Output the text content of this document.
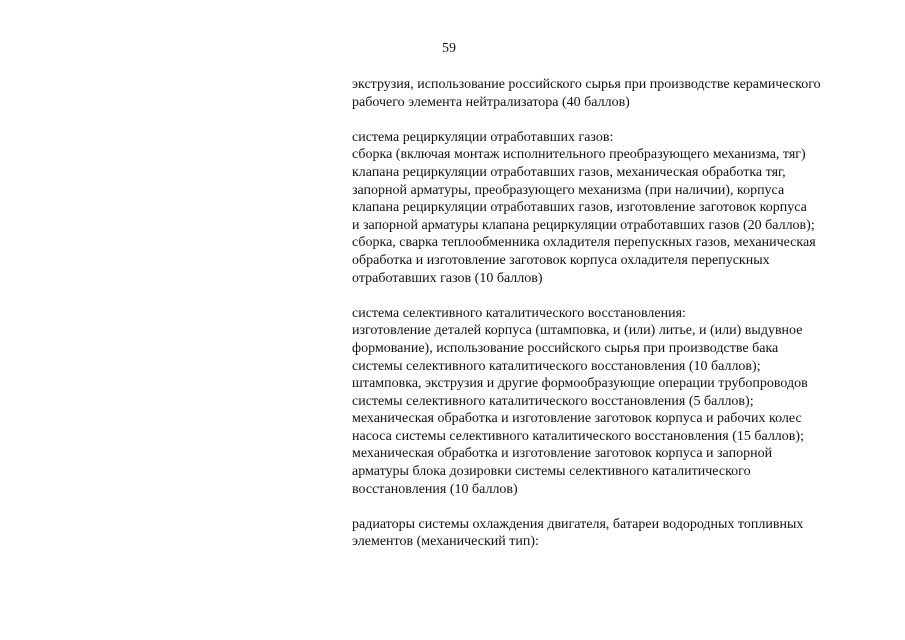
59
экструзия, использование российского сырья при производстве керамического
рабочего элемента нейтрализатора (40 баллов)
система рециркуляции отработавших газов:
сборка (включая монтаж исполнительного преобразующего механизма, тяг)
клапана рециркуляции отработавших газов, механическая обработка тяг,
запорной арматуры, преобразующего механизма (при наличии), корпуса
клапана рециркуляции отработавших газов, изготовление заготовок корпуса
и запорной арматуры клапана рециркуляции отработавших газов (20 баллов);
сборка, сварка теплообменника охладителя перепускных газов, механическая
обработка и изготовление заготовок корпуса охладителя перепускных
отработавших газов (10 баллов)
система селективного каталитического восстановления:
изготовление деталей корпуса (штамповка, и (или) литье, и (или) выдувное
формование), использование российского сырья при производстве бака
системы селективного каталитического восстановления (10 баллов);
штамповка, экструзия и другие формообразующие операции трубопроводов
системы селективного каталитического восстановления (5 баллов);
механическая обработка и изготовление заготовок корпуса и рабочих колес
насоса системы селективного каталитического восстановления (15 баллов);
механическая обработка и изготовление заготовок корпуса и запорной
арматуры блока дозировки системы селективного каталитического
восстановления (10 баллов)
радиаторы системы охлаждения двигателя, батареи водородных топливных
элементов (механический тип):
